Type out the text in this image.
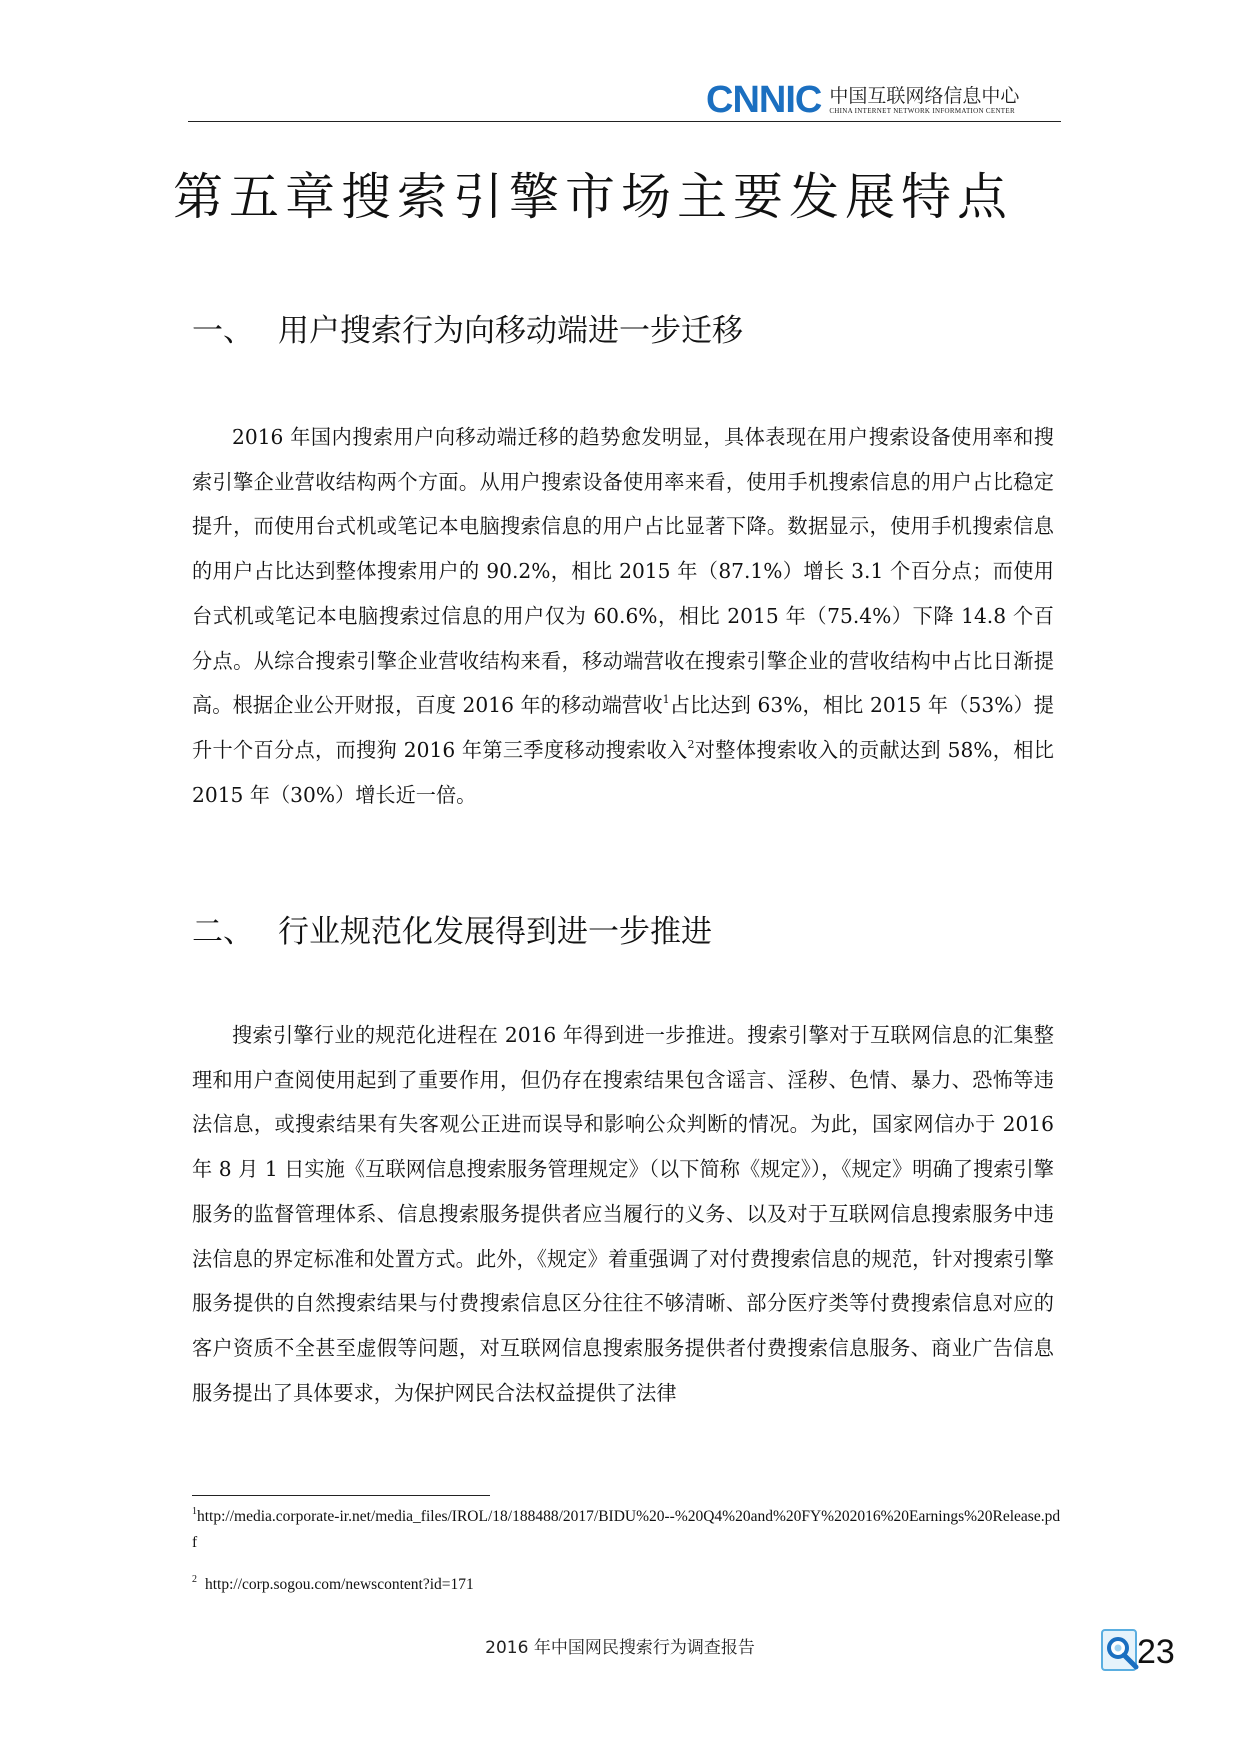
CNNIC 中国互联网络信息中心
CHINA INTERNET NETWORK INFORMATION CENTER
第五章搜索引擎市场主要发展特点
一、 用户搜索行为向移动端进一步迁移

2016 年国内搜索用户向移动端迁移的趋势愈发明显，具体表现在用户搜索设备使用率和搜索引擎企业营收结构两个方面。从用户搜索设备使用率来看，使用手机搜索信息的用户占比稳定提升，而使用台式机或笔记本电脑搜索信息的用户占比显著下降。数据显示，使用手机搜索信息的用户占比达到整体搜索用户的 90.2%，相比 2015 年（87.1%）增长 3.1 个百分点；而使用台式机或笔记本电脑搜索过信息的用户仅为 60.6%，相比 2015 年（75.4%）下降 14.8 个百分点。从综合搜索引擎企业营收结构来看，移动端营收在搜索引擎企业的营收结构中占比日渐提高。根据企业公开财报，百度 2016 年的移动端营收$^1$占比达到 63%，相比 2015 年（53%）提升十个百分点，而搜狗 2016 年第三季度移动搜索收入$^2$对整体搜索收入的贡献达到 58%，相比 2015 年（30%）增长近一倍。

二、 行业规范化发展得到进一步推进

搜索引擎行业的规范化进程在 2016 年得到进一步推进。搜索引擎对于互联网信息的汇集整理和用户查阅使用起到了重要作用，但仍存在搜索结果包含谣言、淫秽、色情、暴力、恐怖等违法信息，或搜索结果有失客观公正进而误导和影响公众判断的情况。为此，国家网信办于 2016 年 8 月 1 日实施《互联网信息搜索服务管理规定》（以下简称《规定》），《规定》明确了搜索引擎服务的监督管理体系、信息搜索服务提供者应当履行的义务、以及对于互联网信息搜索服务中违法信息的界定标准和处置方式。此外，《规定》着重强调了对付费搜索信息的规范，针对搜索引擎服务提供的自然搜索结果与付费搜索信息区分往往不够清晰、部分医疗类等付费搜索信息对应的客户资质不全甚至虚假等问题，对互联网信息搜索服务提供者付费搜索信息服务、商业广告信息服务提出了具体要求，为保护网民合法权益提供了法律

$^1$http://media.corporate-ir.net/media_files/IROL/18/188488/2017/BIDU%20--%20Q4%20and%20FY%202016%20Earnings%20Release.pdf

$^2$ http://corp.sogou.com/newscontent?id=171

2016 年中国网民搜索行为调查报告	23
